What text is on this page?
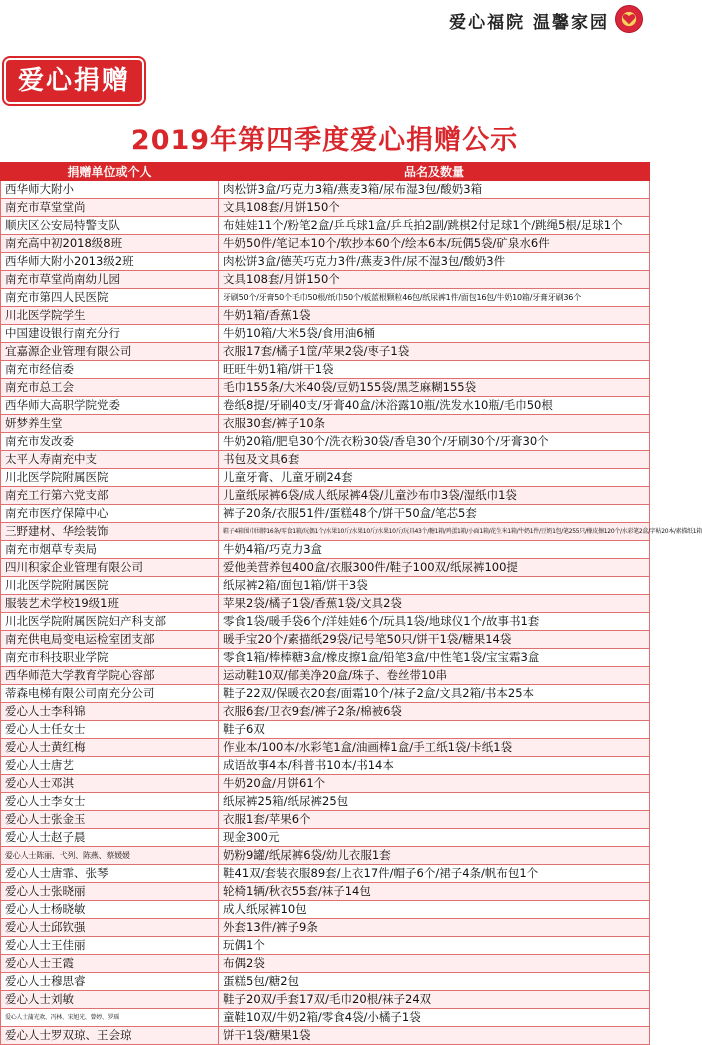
爱心福院 温馨家园
爱心捐赠
2019年第四季度爱心捐赠公示
捐赠单位或个人	品名及数量
西华师大附小	肉松饼3盒/巧克力3箱/燕麦3箱/尿布湿3包/酸奶3箱
南充市草堂堂尚	文具108套/月饼150个
顺庆区公安局特警支队	布娃娃11个/粉笔2盒/乒乓球1盒/乒乓拍2副/跳棋2付足球1个/跳绳5根/足球1个
南充高中初2018级8班	牛奶50件/笔记本10个/软抄本60个/绘本6本/玩偶5袋/矿泉水6件
西华师大附小2013级2班	肉松饼3盒/德芙巧克力3件/燕麦3件/尿不湿3包/酸奶3件
南充市草堂尚南幼儿园	文具108套/月饼150个
南充市第四人民医院	牙刷50个/牙膏50个毛巾50根/纸巾50个/板蓝根颗粒46包/纸尿裤1件/面包16包/牛奶10箱/牙膏牙刷36个
川北医学院学生	牛奶1箱/香蕉1袋
中国建设银行南充分行	牛奶10箱/大米5袋/食用油6桶
宜嘉源企业管理有限公司	衣服17套/橘子1筐/苹果2袋/枣子1袋
南充市经信委	旺旺牛奶1箱/饼干1袋
南充市总工会	毛巾155条/大米40袋/豆奶155袋/黑芝麻糊155袋
西华师大高职学院党委	卷纸8提/牙刷40支/牙膏40盒/沐浴露10瓶/洗发水10瓶/毛巾50根
妍梦养生堂	衣服30套/裤子10条
南充市发改委	牛奶20箱/肥皂30个/洗衣粉30袋/香皂30个/牙刷30个/牙膏30个
太平人寿南充中支	书包及文具6套
川北医学院附属医院	儿童牙膏、儿童牙刷24套
南充工行第六党支部	儿童纸尿裤6袋/成人纸尿裤4袋/儿童沙布巾3袋/湿纸巾1袋
南充市医疗保障中心	裤子20条/衣服51件/蛋糕48个/饼干50盒/笔芯5套
三野建材、华绘装饰	鞋子4箱围巾围脖16条/零食1箱/玩偶1个/水果10斤/水果10斤/水果10斤/玩具43个/糖1箱/鸡蛋1箱/小面1箱/花生米1箱/牛奶1件/豆奶1包/笔255只/橡皮擦120个/水彩笔2盒/字帖20本/素描纸1箱
南充市烟草专卖局	牛奶4箱/巧克力3盒
四川积家企业管理有限公司	爱他美营养包400盒/衣服300件/鞋子100双/纸尿裤100提
川北医学院附属医院	纸尿裤2箱/面包1箱/饼干3袋
服装艺术学校19级1班	苹果2袋/橘子1袋/香蕉1袋/文具2袋
川北医学院附属医院妇产科支部	零食1袋/暖手袋6个/洋娃娃6个/玩具1袋/地球仪1个/故事书1套
南充供电局变电运检室团支部	暖手宝20个/素描纸29袋/记号笔50只/饼干1袋/糖果14袋
南充市科技职业学院	零食1箱/棒棒糖3盒/橡皮擦1盒/铅笔3盒/中性笔1袋/宝宝霜3盒
西华师范大学教育学院心容部	运动鞋10双/郁美净20盒/珠子、卷丝带10串
蒂森电梯有限公司南充分公司	鞋子22双/保暖衣20套/面霜10个/袜子2盒/文具2箱/书本25本
爱心人士李科锦	衣服6套/卫衣9套/裤子2条/棉被6袋
爱心人士任女士	鞋子6双
爱心人士黄红梅	作业本/100本/水彩笔1盒/油画棒1盒/手工纸1袋/卡纸1袋
爱心人士唐艺	成语故事4本/科普书10本/书14本
爱心人士邓淇	牛奶20盒/月饼61个
爱心人士李女士	纸尿裤25箱/纸尿裤25包
爱心人士张金玉	衣服1套/苹果6个
爱心人士赵子晨	现金300元
爱心人士陈丽、弋列、陈燕、蔡媛媛	奶粉9罐/纸尿裤6袋/幼儿衣服1套
爱心人士唐霏、张琴	鞋41双/套装衣服89套/上衣17件/帽子6个/裙子4条/帆布包1个
爱心人士张晓丽	轮椅1辆/秋衣55套/袜子14包
爱心人士杨晓敏	成人纸尿裤10包
爱心人士邱钦强	外套13件/裤子9条
爱心人士王佳丽	玩偶1个
爱心人士王霞	布偶2袋
爱心人士穆思睿	蛋糕5包/糖2包
爱心人士刘敏	鞋子20双/手套17双/毛巾20根/袜子24双
爱心人士蒲光欢、冯林、宋旭光、曾婷、罗瑶	童鞋10双/牛奶2箱/零食4袋/小橘子1袋
爱心人士罗双琼、王会琼	饼干1袋/糖果1袋
